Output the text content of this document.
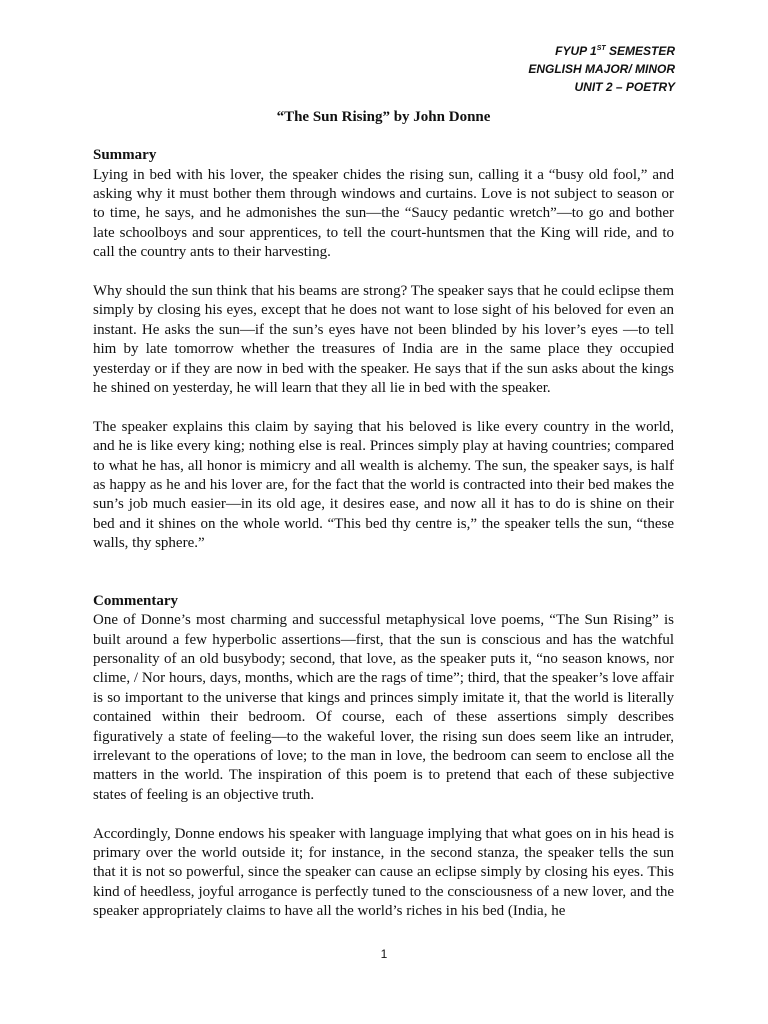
FYUP 1ST SEMESTER
ENGLISH MAJOR/ MINOR
UNIT 2 – POETRY
“The Sun Rising” by John Donne
Summary

Lying in bed with his lover, the speaker chides the rising sun, calling it a “busy old fool,” and asking why it must bother them through windows and curtains. Love is not subject to season or to time, he says, and he admonishes the sun—the “Saucy pedantic wretch”—to go and bother late schoolboys and sour apprentices, to tell the court-huntsmen that the King will ride, and to call the country ants to their harvesting.

Why should the sun think that his beams are strong? The speaker says that he could eclipse them simply by closing his eyes, except that he does not want to lose sight of his beloved for even an instant. He asks the sun—if the sun’s eyes have not been blinded by his lover’s eyes —to tell him by late tomorrow whether the treasures of India are in the same place they occupied yesterday or if they are now in bed with the speaker. He says that if the sun asks about the kings he shined on yesterday, he will learn that they all lie in bed with the speaker.

The speaker explains this claim by saying that his beloved is like every country in the world, and he is like every king; nothing else is real. Princes simply play at having countries; compared to what he has, all honor is mimicry and all wealth is alchemy. The sun, the speaker says, is half as happy as he and his lover are, for the fact that the world is contracted into their bed makes the sun’s job much easier—in its old age, it desires ease, and now all it has to do is shine on their bed and it shines on the whole world. “This bed thy centre is,” the speaker tells the sun, “these walls, thy sphere.”

Commentary

One of Donne’s most charming and successful metaphysical love poems, “The Sun Rising” is built around a few hyperbolic assertions—first, that the sun is conscious and has the watchful personality of an old busybody; second, that love, as the speaker puts it, “no season knows, nor clime, / Nor hours, days, months, which are the rags of time”; third, that the speaker’s love affair is so important to the universe that kings and princes simply imitate it, that the world is literally contained within their bedroom. Of course, each of these assertions simply describes figuratively a state of feeling—to the wakeful lover, the rising sun does seem like an intruder, irrelevant to the operations of love; to the man in love, the bedroom can seem to enclose all the matters in the world. The inspiration of this poem is to pretend that each of these subjective states of feeling is an objective truth.

Accordingly, Donne endows his speaker with language implying that what goes on in his head is primary over the world outside it; for instance, in the second stanza, the speaker tells the sun that it is not so powerful, since the speaker can cause an eclipse simply by closing his eyes. This kind of heedless, joyful arrogance is perfectly tuned to the consciousness of a new lover, and the speaker appropriately claims to have all the world’s riches in his bed (India, he

1
